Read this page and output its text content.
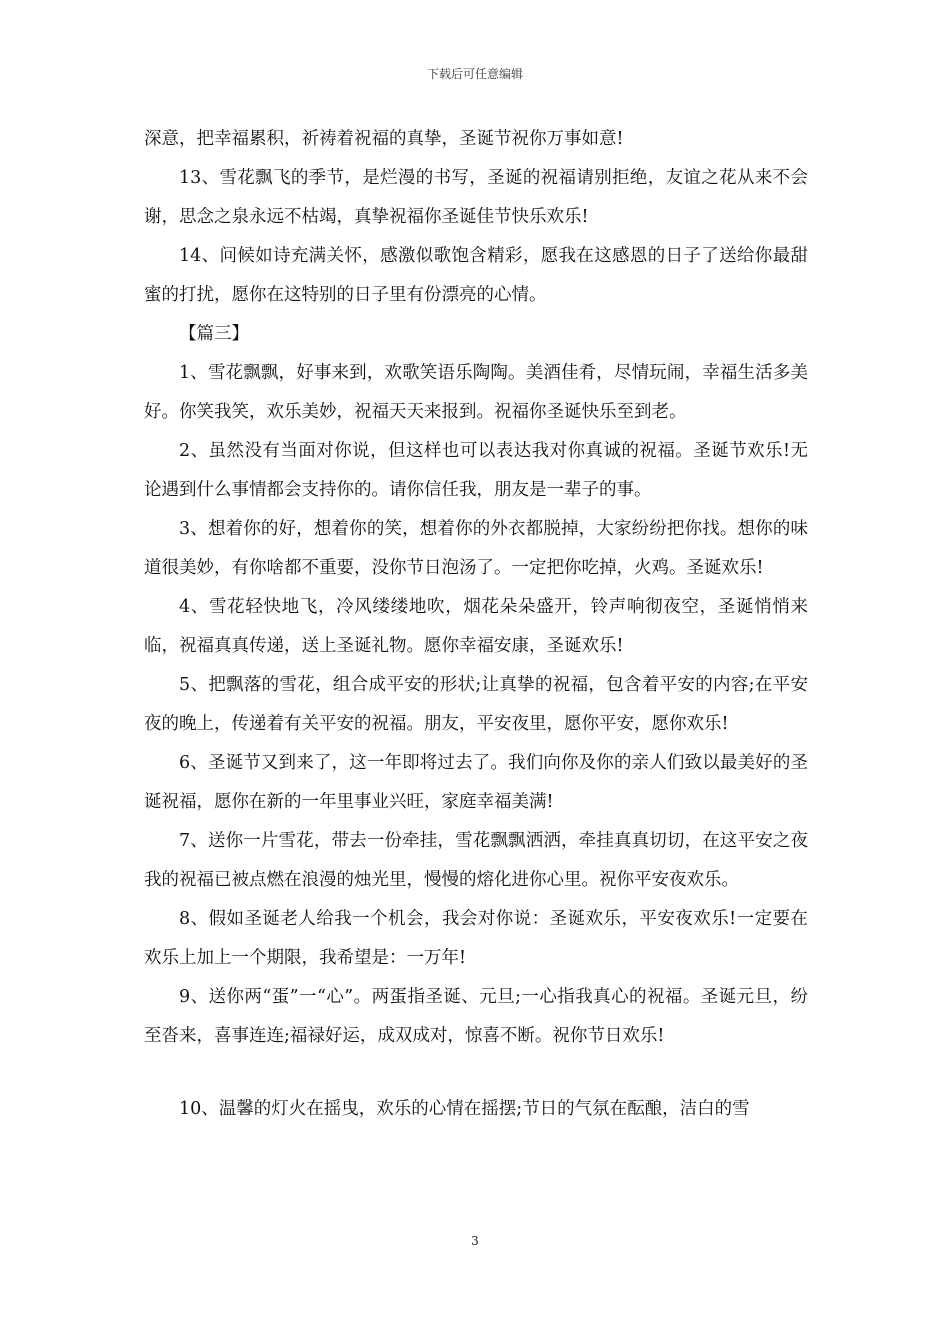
下载后可任意编辑

深意，把幸福累积，祈祷着祝福的真挚，圣诞节祝你万事如意!

13、雪花飘飞的季节，是烂漫的书写，圣诞的祝福请别拒绝，友谊之花从来不会谢，思念之泉永远不枯竭，真挚祝福你圣诞佳节快乐欢乐!

14、问候如诗充满关怀，感激似歌饱含精彩，愿我在这感恩的日子了送给你最甜蜜的打扰，愿你在这特别的日子里有份漂亮的心情。

【篇三】

1、雪花飘飘，好事来到，欢歌笑语乐陶陶。美酒佳肴，尽情玩闹，幸福生活多美好。你笑我笑，欢乐美妙，祝福天天来报到。祝福你圣诞快乐至到老。

2、虽然没有当面对你说，但这样也可以表达我对你真诚的祝福。圣诞节欢乐!无论遇到什么事情都会支持你的。请你信任我，朋友是一辈子的事。

3、想着你的好，想着你的笑，想着你的外衣都脱掉，大家纷纷把你找。想你的味道很美妙，有你啥都不重要，没你节日泡汤了。一定把你吃掉，火鸡。圣诞欢乐!

4、雪花轻快地飞，冷风缕缕地吹，烟花朵朵盛开，铃声响彻夜空，圣诞悄悄来临，祝福真真传递，送上圣诞礼物。愿你幸福安康，圣诞欢乐!

5、把飘落的雪花，组合成平安的形状;让真挚的祝福，包含着平安的内容;在平安夜的晚上，传递着有关平安的祝福。朋友，平安夜里，愿你平安，愿你欢乐!

6、圣诞节又到来了，这一年即将过去了。我们向你及你的亲人们致以最美好的圣诞祝福，愿你在新的一年里事业兴旺，家庭幸福美满!

7、送你一片雪花，带去一份牵挂，雪花飘飘洒洒，牵挂真真切切，在这平安之夜我的祝福已被点燃在浪漫的烛光里，慢慢的熔化进你心里。祝你平安夜欢乐。

8、假如圣诞老人给我一个机会，我会对你说：圣诞欢乐，平安夜欢乐!一定要在欢乐上加上一个期限，我希望是：一万年!

9、送你两“蛋”一“心”。两蛋指圣诞、元旦;一心指我真心的祝福。圣诞元旦，纷至沓来，喜事连连;福禄好运，成双成对，惊喜不断。祝你节日欢乐!

10、温馨的灯火在摇曳，欢乐的心情在摇摆;节日的气氛在酝酿，洁白的雪

3
